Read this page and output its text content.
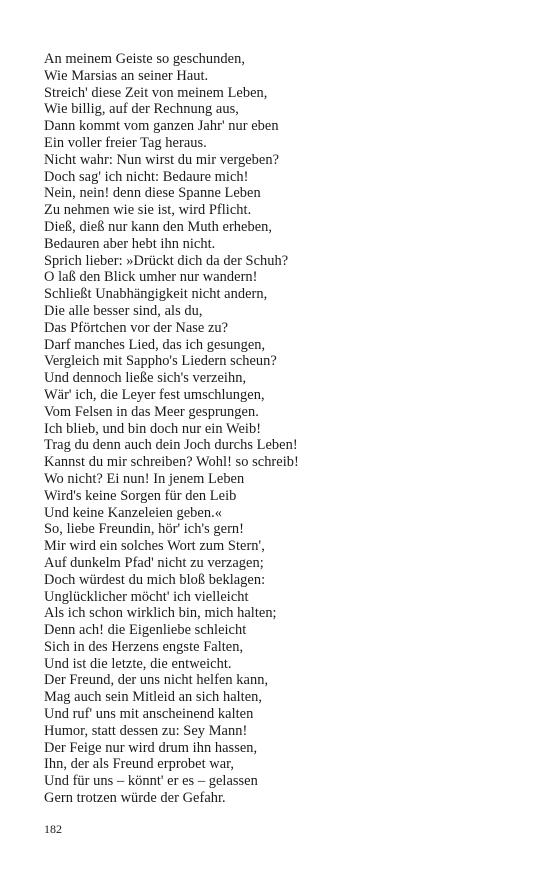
An meinem Geiste so geschunden,
Wie Marsias an seiner Haut.
Streich' diese Zeit von meinem Leben,
Wie billig, auf der Rechnung aus,
Dann kommt vom ganzen Jahr' nur eben
Ein voller freier Tag heraus.
Nicht wahr: Nun wirst du mir vergeben?
Doch sag' ich nicht: Bedaure mich!
Nein, nein! denn diese Spanne Leben
Zu nehmen wie sie ist, wird Pflicht.
Dieß, dieß nur kann den Muth erheben,
Bedauren aber hebt ihn nicht.
Sprich lieber: »Drückt dich da der Schuh?
O laß den Blick umher nur wandern!
Schließt Unabhängigkeit nicht andern,
Die alle besser sind, als du,
Das Pförtchen vor der Nase zu?
Darf manches Lied, das ich gesungen,
Vergleich mit Sappho's Liedern scheun?
Und dennoch ließe sich's verzeihn,
Wär' ich, die Leyer fest umschlungen,
Vom Felsen in das Meer gesprungen.
Ich blieb, und bin doch nur ein Weib!
Trag du denn auch dein Joch durchs Leben!
Kannst du mir schreiben? Wohl! so schreib!
Wo nicht? Ei nun! In jenem Leben
Wird's keine Sorgen für den Leib
Und keine Kanzeleien geben.«
So, liebe Freundin, hör' ich's gern!
Mir wird ein solches Wort zum Stern',
Auf dunkelm Pfad' nicht zu verzagen;
Doch würdest du mich bloß beklagen:
Unglücklicher möcht' ich vielleicht
Als ich schon wirklich bin, mich halten;
Denn ach! die Eigenliebe schleicht
Sich in des Herzens engste Falten,
Und ist die letzte, die entweicht.
Der Freund, der uns nicht helfen kann,
Mag auch sein Mitleid an sich halten,
Und ruf' uns mit anscheinend kalten
Humor, statt dessen zu: Sey Mann!
Der Feige nur wird drum ihn hassen,
Ihn, der als Freund erprobet war,
Und für uns – könnt' er es – gelassen
Gern trotzen würde der Gefahr.
182
